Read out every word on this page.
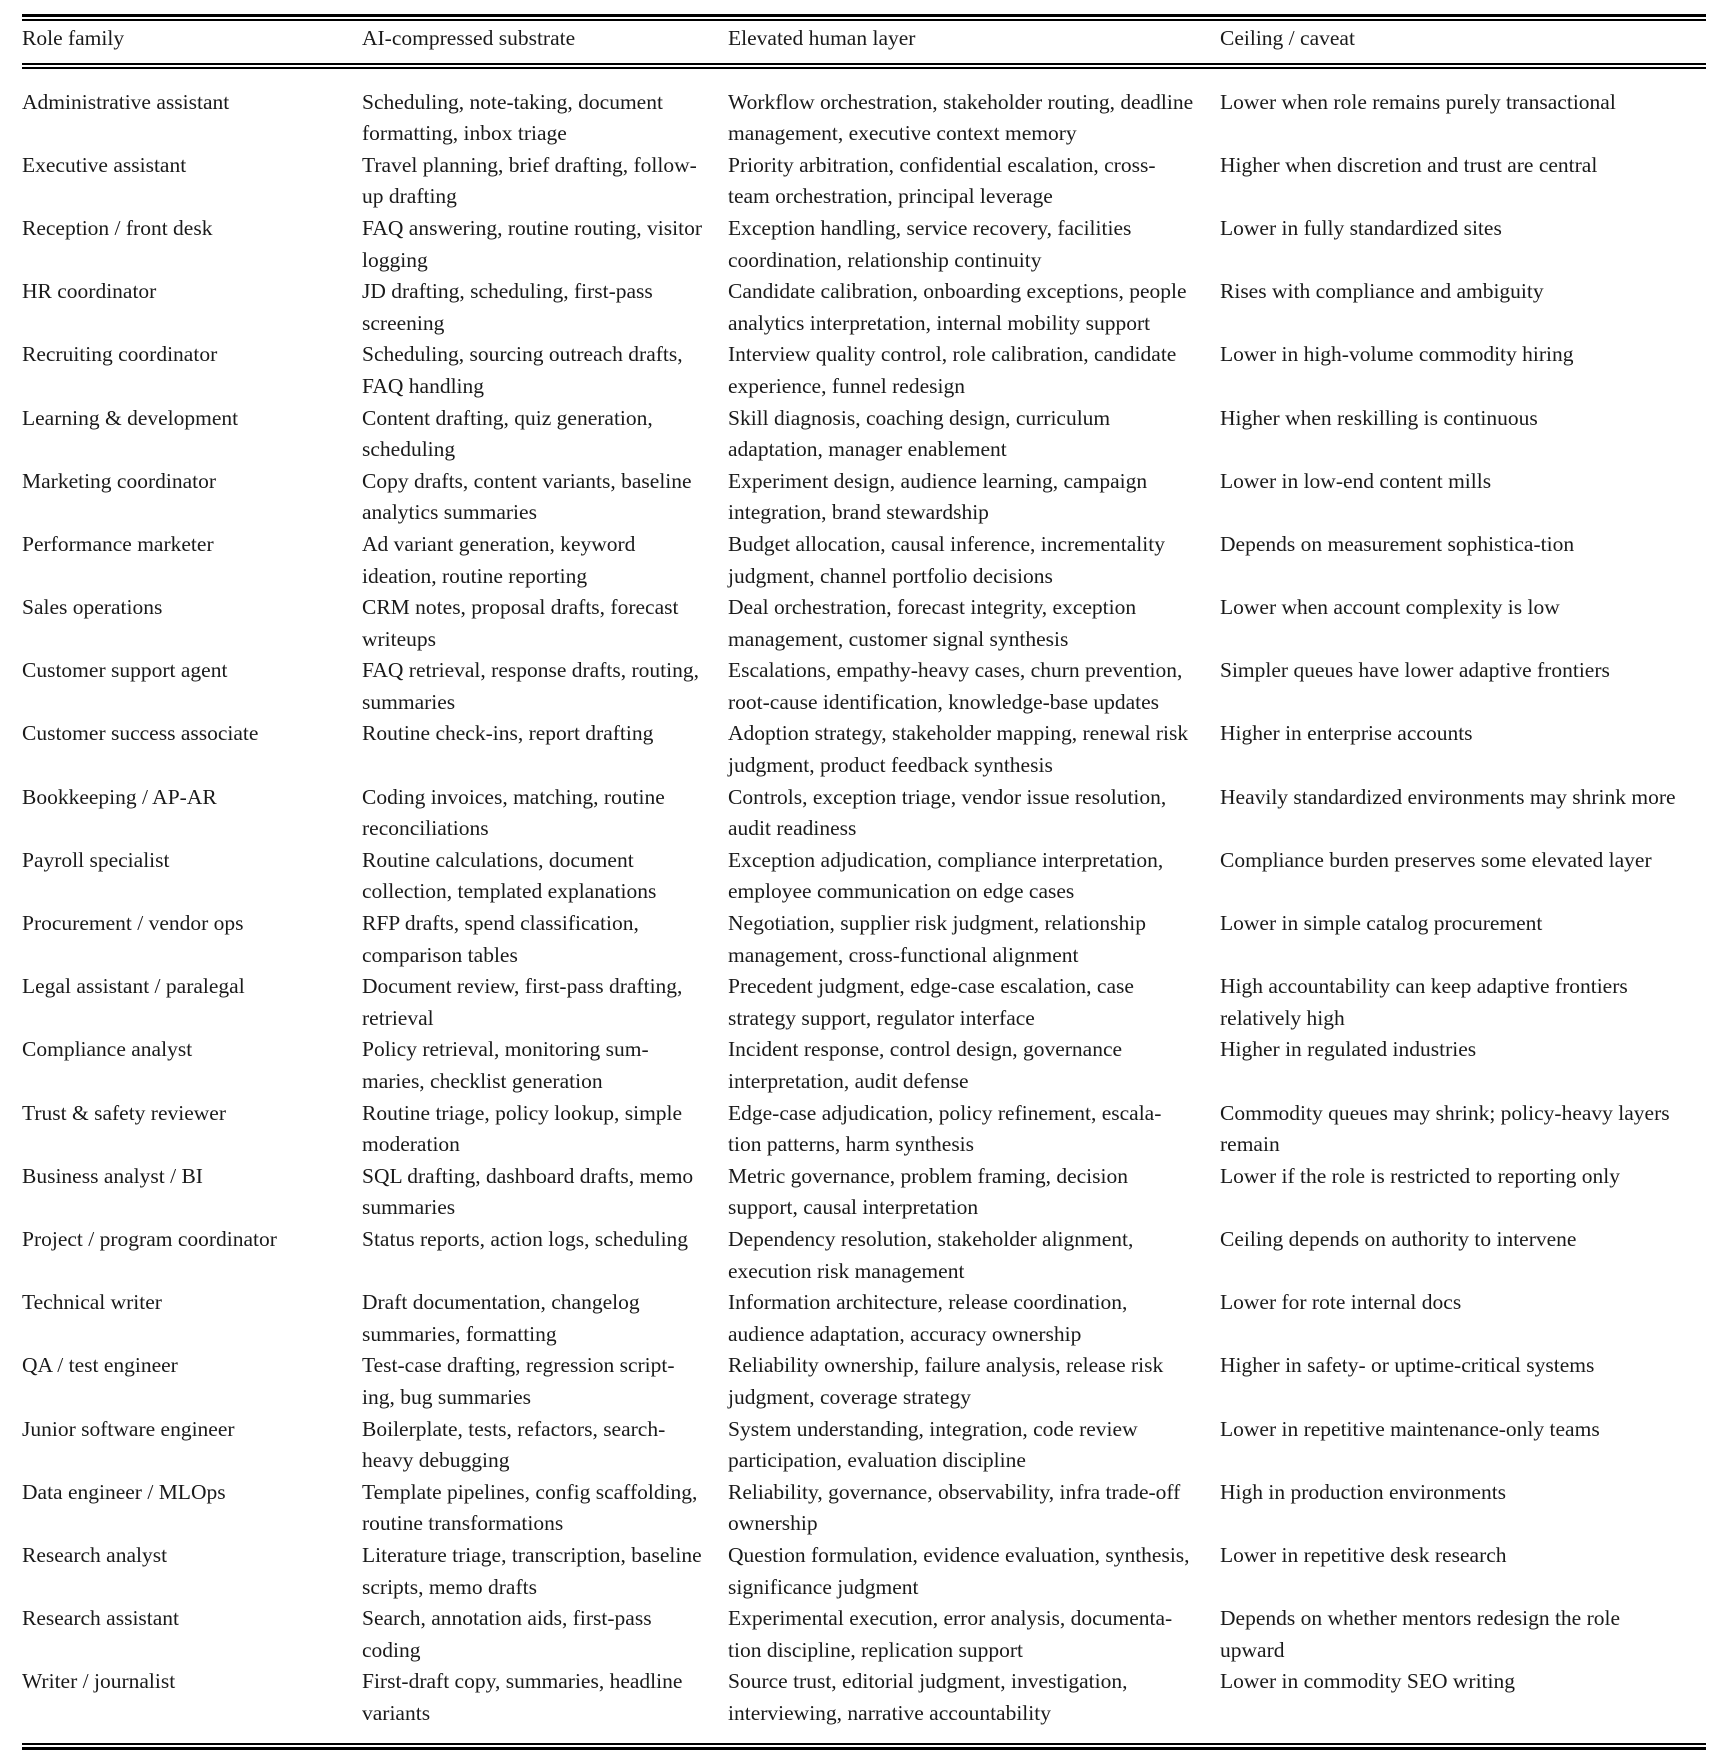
Role family	AI-compressed substrate	Elevated human layer	Ceiling / caveat
Administrative assistant	Scheduling, note-taking, document formatting, inbox triage	Workflow orchestration, stakeholder routing, deadline management, executive context memory	Lower when role remains purely transactional

Executive assistant	Travel planning, brief drafting, follow-up drafting	Priority arbitration, confidential escalation, cross-team orchestration, principal leverage	Higher when discretion and trust are central

Reception / front desk	FAQ answering, routine routing, visitor logging	Exception handling, service recovery, facilities coordination, relationship continuity	Lower in fully standardized sites

HR coordinator	JD drafting, scheduling, first-pass screening	Candidate calibration, onboarding exceptions, people analytics interpretation, internal mobility support	Rises with compliance and ambiguity

Recruiting coordinator	Scheduling, sourcing outreach drafts, FAQ handling	Interview quality control, role calibration, candidate experience, funnel redesign	Lower in high-volume commodity hiring

Learning & development	Content drafting, quiz generation, scheduling	Skill diagnosis, coaching design, curriculum adaptation, manager enablement	Higher when reskilling is continuous

Marketing coordinator	Copy drafts, content variants, baseline analytics summaries	Experiment design, audience learning, campaign integration, brand stewardship	Lower in low-end content mills

Performance marketer	Ad variant generation, keyword ideation, routine reporting	Budget allocation, causal inference, incrementality judgment, channel portfolio decisions	Depends on measurement sophistica-tion

Sales operations	CRM notes, proposal drafts, forecast writeups	Deal orchestration, forecast integrity, exception management, customer signal synthesis	Lower when account complexity is low

Customer support agent	FAQ retrieval, response drafts, routing, summaries	Escalations, empathy-heavy cases, churn prevention, root-cause identification, knowledge-base updates	Simpler queues have lower adaptive frontiers

Customer success associate	Routine check-ins, report drafting	Adoption strategy, stakeholder mapping, renewal risk judgment, product feedback synthesis	Higher in enterprise accounts

Bookkeeping / AP-AR	Coding invoices, matching, routine reconciliations	Controls, exception triage, vendor issue resolution, audit readiness	Heavily standardized environments may shrink more

Payroll specialist	Routine calculations, document collection, templated explanations	Exception adjudication, compliance interpretation, employee communication on edge cases	Compliance burden preserves some elevated layer

Procurement / vendor ops	RFP drafts, spend classification, comparison tables	Negotiation, supplier risk judgment, relationship management, cross-functional alignment	Lower in simple catalog procurement

Legal assistant / paralegal	Document review, first-pass drafting, retrieval	Precedent judgment, edge-case escalation, case strategy support, regulator interface	High accountability can keep adaptive frontiers relatively high

Compliance analyst	Policy retrieval, monitoring sum-maries, checklist generation	Incident response, control design, governance interpretation, audit defense	Higher in regulated industries

Trust & safety reviewer	Routine triage, policy lookup, simple moderation	Edge-case adjudication, policy refinement, escala-tion patterns, harm synthesis	Commodity queues may shrink; policy-heavy layers remain

Business analyst / BI	SQL drafting, dashboard drafts, memo summaries	Metric governance, problem framing, decision support, causal interpretation	Lower if the role is restricted to reporting only

Project / program coordinator	Status reports, action logs, scheduling	Dependency resolution, stakeholder alignment, execution risk management	Ceiling depends on authority to intervene

Technical writer	Draft documentation, changelog summaries, formatting	Information architecture, release coordination, audience adaptation, accuracy ownership	Lower for rote internal docs

QA / test engineer	Test-case drafting, regression script-ing, bug summaries	Reliability ownership, failure analysis, release risk judgment, coverage strategy	Higher in safety- or uptime-critical systems

Junior software engineer	Boilerplate, tests, refactors, search-heavy debugging	System understanding, integration, code review participation, evaluation discipline	Lower in repetitive maintenance-only teams

Data engineer / MLOps	Template pipelines, config scaffolding, routine transformations	Reliability, governance, observability, infra trade-off ownership	High in production environments

Research analyst	Literature triage, transcription, baseline scripts, memo drafts	Question formulation, evidence evaluation, synthesis, significance judgment	Lower in repetitive desk research

Research assistant	Search, annotation aids, first-pass coding	Experimental execution, error analysis, documenta-tion discipline, replication support	Depends on whether mentors redesign the role upward

Writer / journalist	First-draft copy, summaries, headline variants	Source trust, editorial judgment, investigation, interviewing, narrative accountability	Lower in commodity SEO writing
